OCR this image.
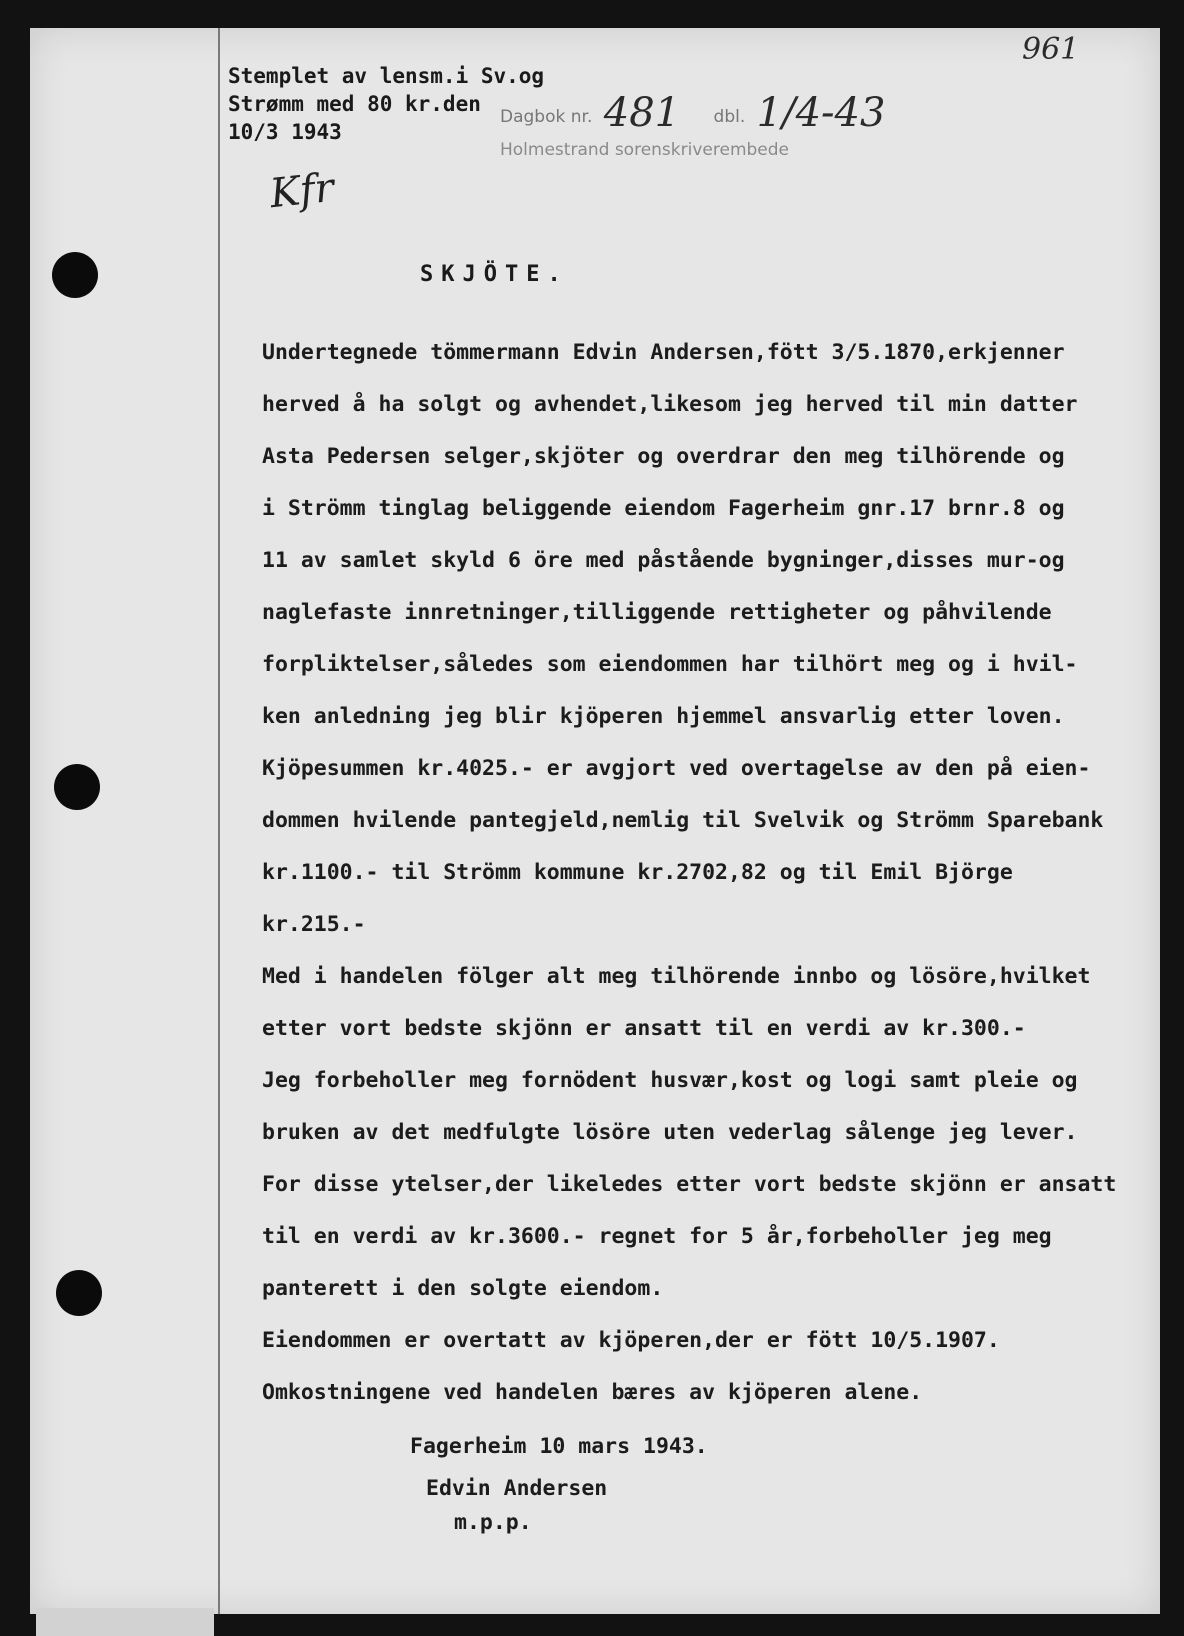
Stemplet av lensm.i Sv.og
Strømm med 80 kr.den
10/3 1943
Kfr
Dagbok nr. 481 dbl. 1/4-43
Holmestrand sorenskriverembede
961
SKJÖTE.
Undertegnede tömmermann Edvin Andersen,fött 3/5.1870,erkjenner
herved å ha solgt og avhendet,likesom jeg herved til min datter
Asta Pedersen selger,skjöter og overdrar den meg tilhörende og
i Strömm tinglag beliggende eiendom Fagerheim gnr.17 brnr.8 og
11 av samlet skyld 6 öre med påstående bygninger,disses mur-og
naglefaste innretninger,tilliggende rettigheter og påhvilende
forpliktelser,således som eiendommen har tilhört meg og i hvil-
ken anledning jeg blir kjöperen hjemmel ansvarlig etter loven.
Kjöpesummen kr.4025.- er avgjort ved overtagelse av den på eien-
dommen hvilende pantegjeld,nemlig til Svelvik og Strömm Sparebank
kr.1100.- til Strömm kommune kr.2702,82 og til Emil Björge
kr.215.-
Med i handelen fölger alt meg tilhörende innbo og lösöre,hvilket
etter vort bedste skjönn er ansatt til en verdi av kr.300.-
Jeg forbeholler meg fornödent husvær,kost og logi samt pleie og
bruken av det medfulgte lösöre uten vederlag sålenge jeg lever.
For disse ytelser,der likeledes etter vort bedste skjönn er ansatt
til en verdi av kr.3600.- regnet for 5 år,forbeholler jeg meg
panterett i den solgte eiendom.
Eiendommen er overtatt av kjöperen,der er fött 10/5.1907.
Omkostningene ved handelen bæres av kjöperen alene.
Fagerheim 10 mars 1943.
Edvin Andersen
m.p.p.
